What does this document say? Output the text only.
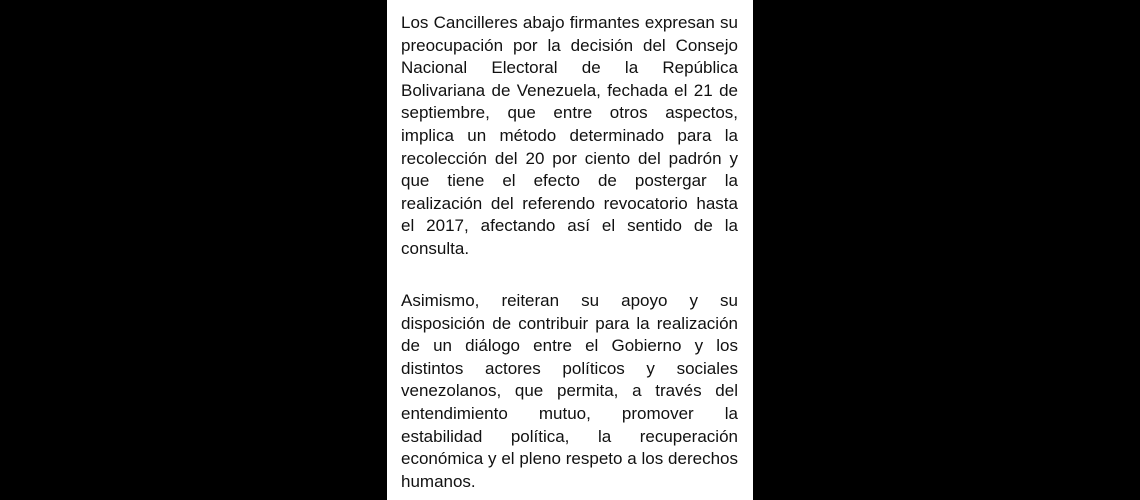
Los Cancilleres abajo firmantes expresan su preocupación por la decisión del Consejo Nacional Electoral de la República Bolivariana de Venezuela, fechada el 21 de septiembre, que entre otros aspectos, implica un método determinado para la recolección del 20 por ciento del padrón y que tiene el efecto de postergar la realización del referendo revocatorio hasta el 2017, afectando así el sentido de la consulta.

Asimismo, reiteran su apoyo y su disposición de contribuir para la realización de un diálogo entre el Gobierno y los distintos actores políticos y sociales venezolanos, que permita, a través del entendimiento mutuo, promover la estabilidad política, la recuperación económica y el pleno respeto a los derechos humanos.
